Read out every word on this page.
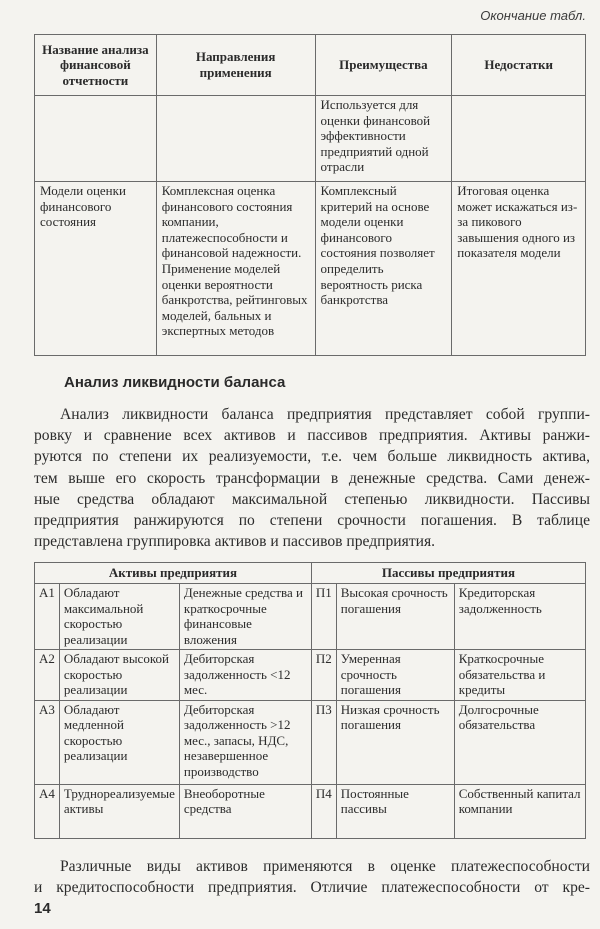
Окончание табл.
Название анализа финансовой отчетности	Направления применения	Преимущества	Недостатки
		Используется для оценки финансовой эффективности предприятий одной отрасли	
Модели оценки финансового состояния	Комплексная оценка финансового состояния компании, платежеспособности и финансовой надежности. Применение моделей оценки вероятности банкротства, рейтинговых моделей, бальных и экспертных методов	Комплексный критерий на основе модели оценки финансового состояния позволяет определить вероятность риска банкротства	Итоговая оценка может искажаться из-за пикового завышения одного из показателя модели
Анализ ликвидности баланса
Анализ ликвидности баланса предприятия представляет собой группи-
ровку и сравнение всех активов и пассивов предприятия. Активы ранжи-
руются по степени их реализуемости, т.е. чем больше ликвидность актива,
тем выше его скорость трансформации в денежные средства. Сами денеж-
ные средства обладают максимальной степенью ликвидности. Пассивы
предприятия ранжируются по степени срочности погашения. В таблице
представлена группировка активов и пассивов предприятия.
Активы предприятия			Пассивы предприятия		
А1	Обладают максимальной скоростью реализации	Денежные средства и краткосрочные финансовые вложения	П1	Высокая срочность погашения	Кредиторская задолженность
А2	Обладают высокой скоростью реализации	Дебиторская задолженность <12 мес.	П2	Умеренная срочность погашения	Краткосрочные обязательства и кредиты
А3	Обладают медленной скоростью реализации	Дебиторская задолженность >12 мес., запасы, НДС, незавершенное производство	П3	Низкая срочность погашения	Долгосрочные обязательства
А4	Труднореализуемые активы	Внеоборотные средства	П4	Постоянные пассивы	Собственный капитал компании
Различные виды активов применяются в оценке платежеспособности
и кредитоспособности предприятия. Отличие платежеспособности от кре-
14
